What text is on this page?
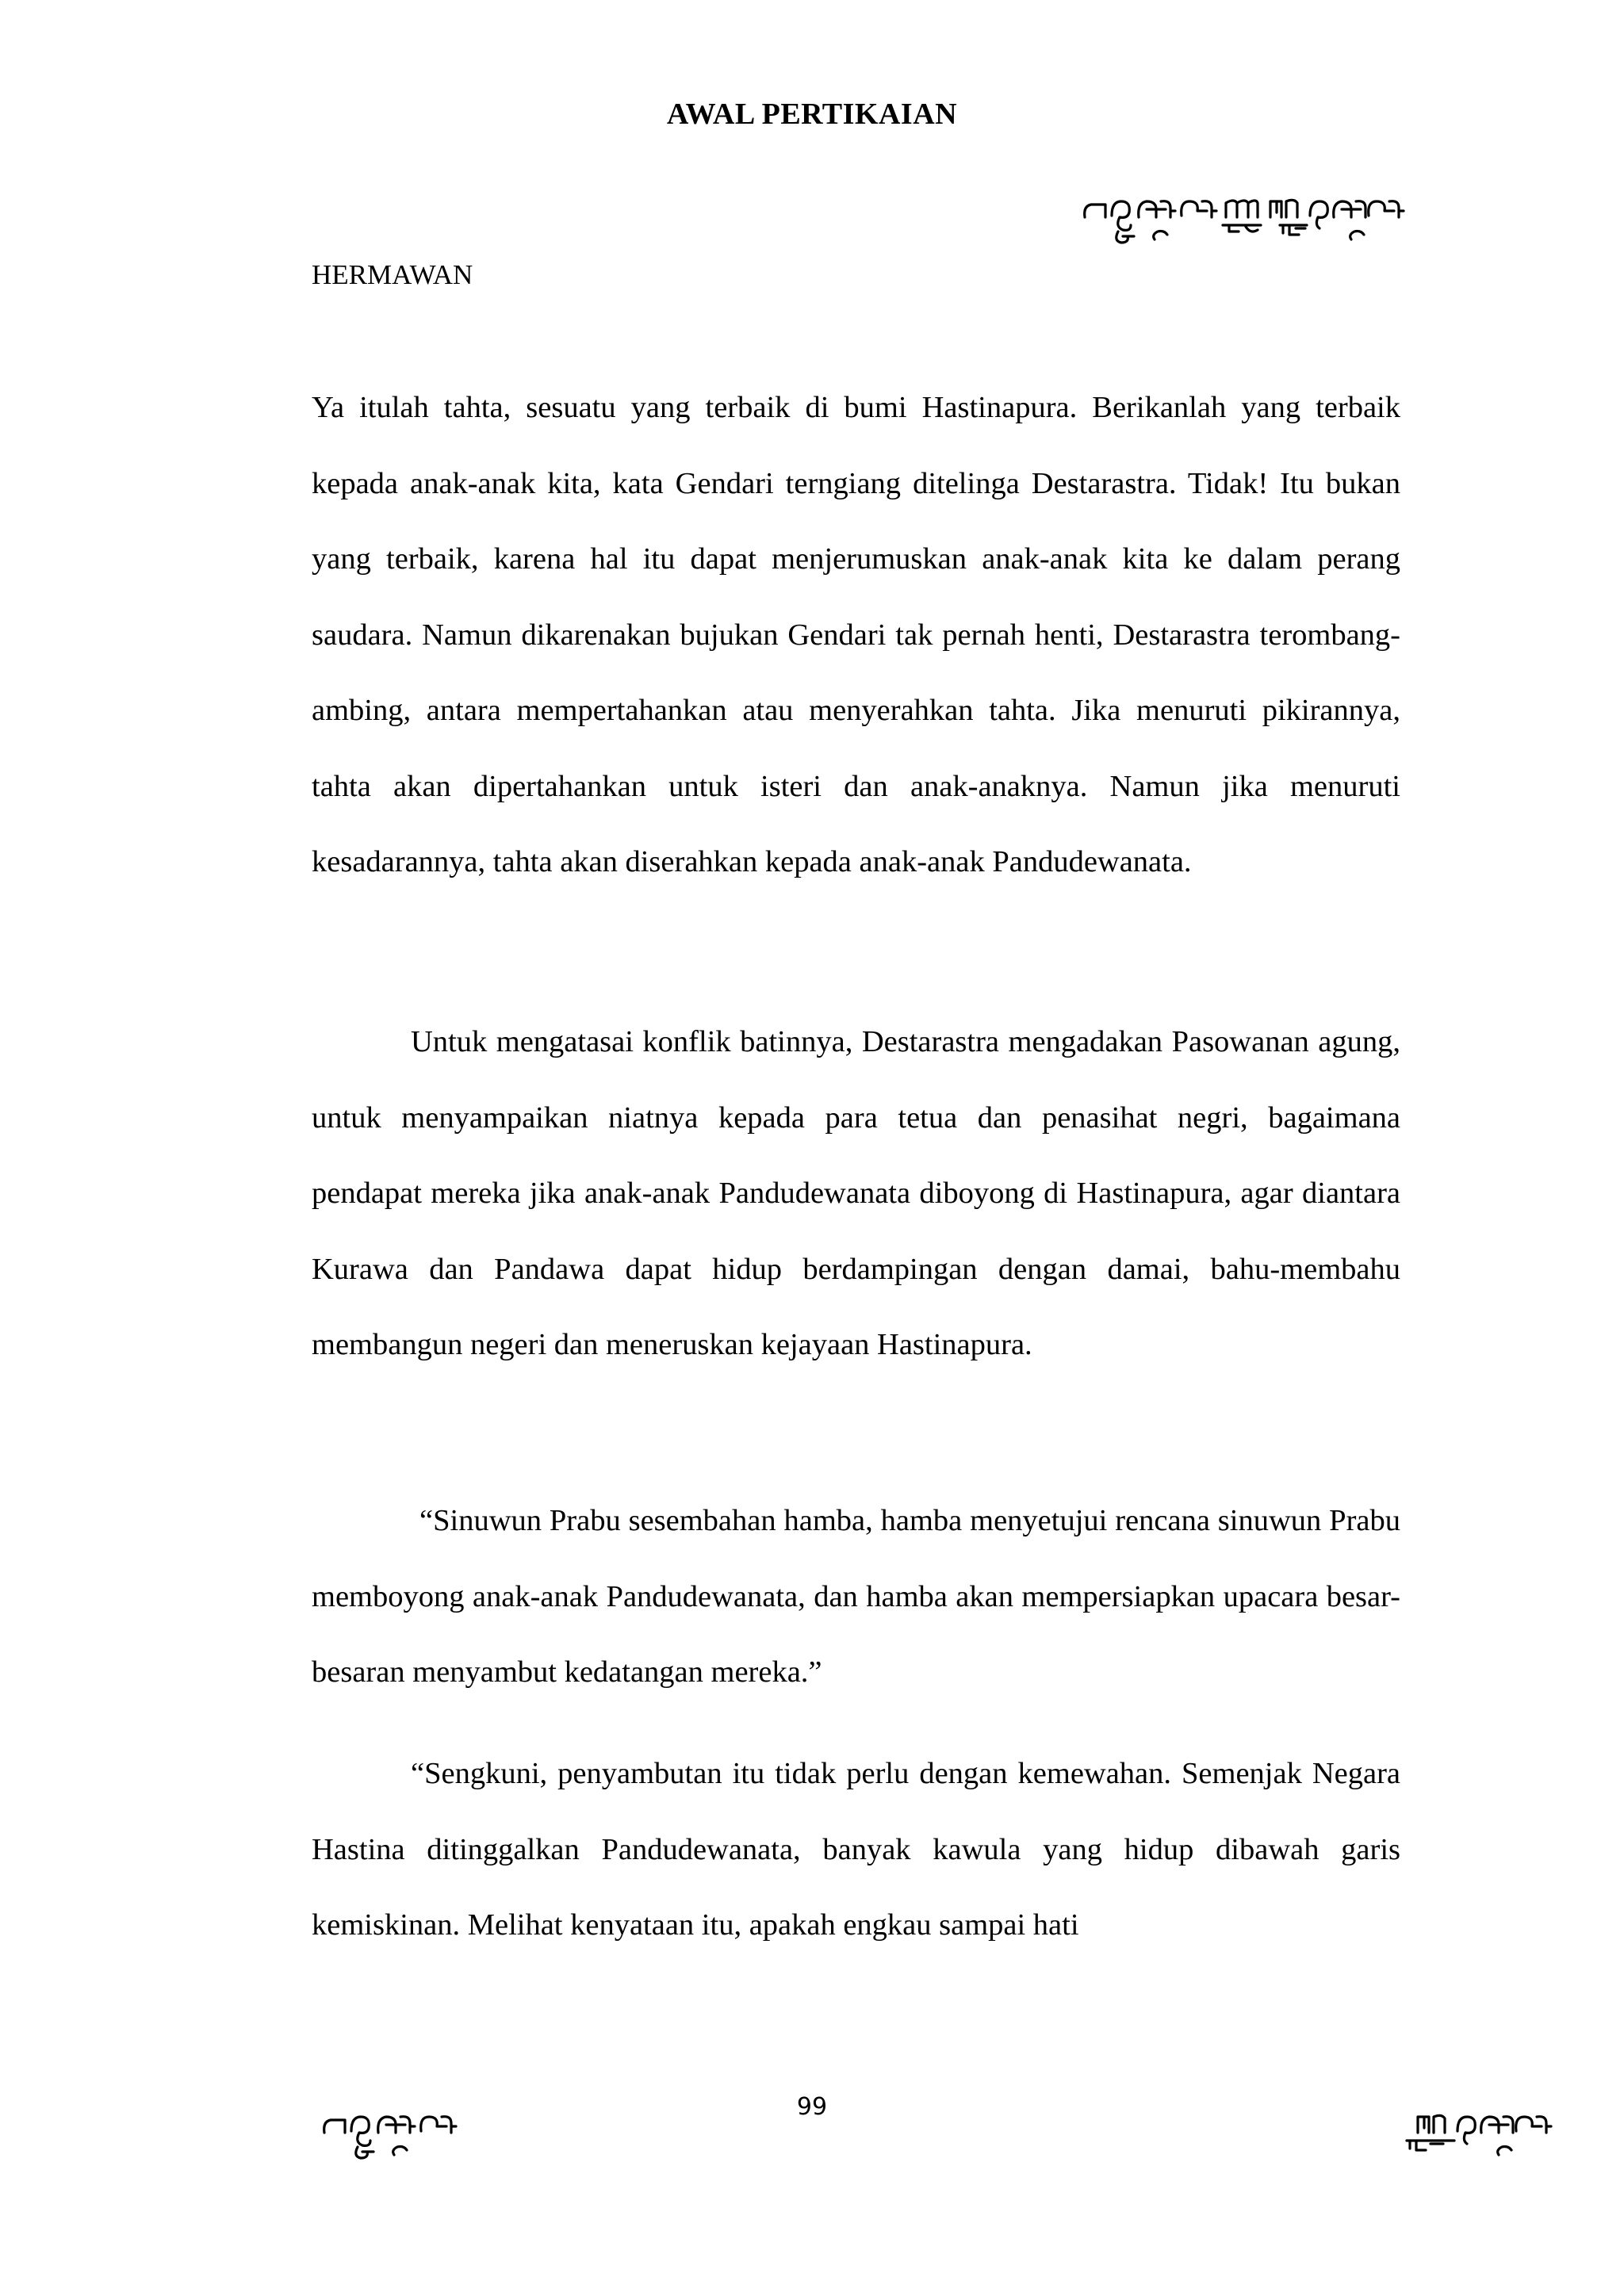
AWAL PERTIKAIAN

HERMAWAN

Ya itulah tahta, sesuatu yang terbaik di bumi Hastinapura. Berikanlah yang terbaik kepada anak-anak kita, kata Gendari terngiang ditelinga Destarastra. Tidak! Itu bukan yang terbaik, karena hal itu dapat menjerumuskan anak-anak kita ke dalam perang saudara. Namun dikarenakan bujukan Gendari tak pernah henti, Destarastra terombang-ambing, antara mempertahankan atau menyerahkan tahta. Jika menuruti pikirannya, tahta akan dipertahankan untuk isteri dan anak-anaknya. Namun jika menuruti kesadarannya, tahta akan diserahkan kepada anak-anak Pandudewanata.

Untuk mengatasai konflik batinnya, Destarastra mengadakan Pasowanan agung, untuk menyampaikan niatnya kepada para tetua dan penasihat negri, bagaimana pendapat mereka jika anak-anak Pandudewanata diboyong di Hastinapura, agar diantara Kurawa dan Pandawa dapat hidup berdampingan dengan damai, bahu-membahu membangun negeri dan meneruskan kejayaan Hastinapura.

“Sinuwun Prabu sesembahan hamba, hamba menyetujui rencana sinuwun Prabu memboyong anak-anak Pandudewanata, dan hamba akan mempersiapkan upacara besar-besaran menyambut kedatangan mereka.”

“Sengkuni, penyambutan itu tidak perlu dengan kemewahan. Semenjak Negara Hastina ditinggalkan Pandudewanata, banyak kawula yang hidup dibawah garis kemiskinan. Melihat kenyataan itu, apakah engkau sampai hati

99
